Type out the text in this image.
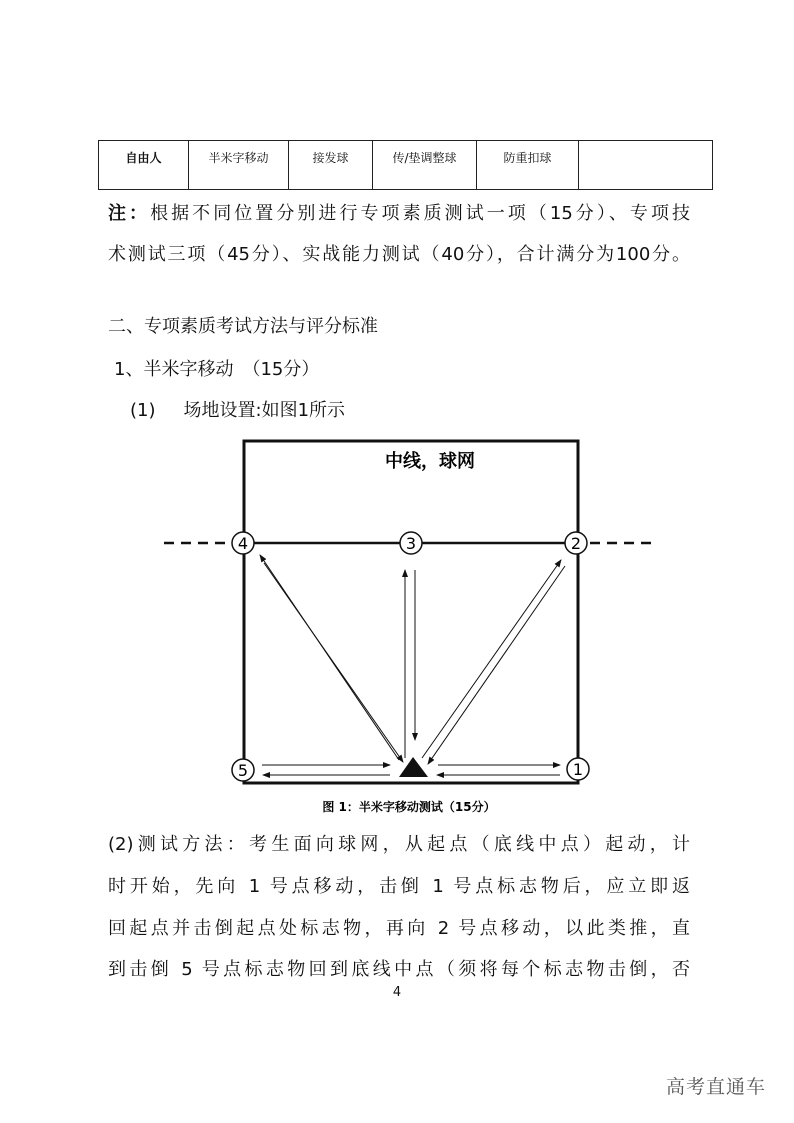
自由人	半米字移动	接发球	传/垫调整球	防重扣球	
注：根据不同位置分别进行专项素质测试一项（15分）、专项技
术测试三项（45分）、实战能力测试（40分），合计满分为100分。
二、专项素质考试方法与评分标准
1、半米字移动　（15分）
(1) 场地设置:如图1所示
中线，球网
1
2
3
4
5
图 1：半米字移动测试（15分）
(2)测试方法：考生面向球网，从起点（底线中点）起动，计
时开始，先向 1 号点移动，击倒 1 号点标志物后，应立即返
回起点并击倒起点处标志物，再向 2 号点移动，以此类推，直
到击倒 5 号点标志物回到底线中点（须将每个标志物击倒，否
4
高考直通车
